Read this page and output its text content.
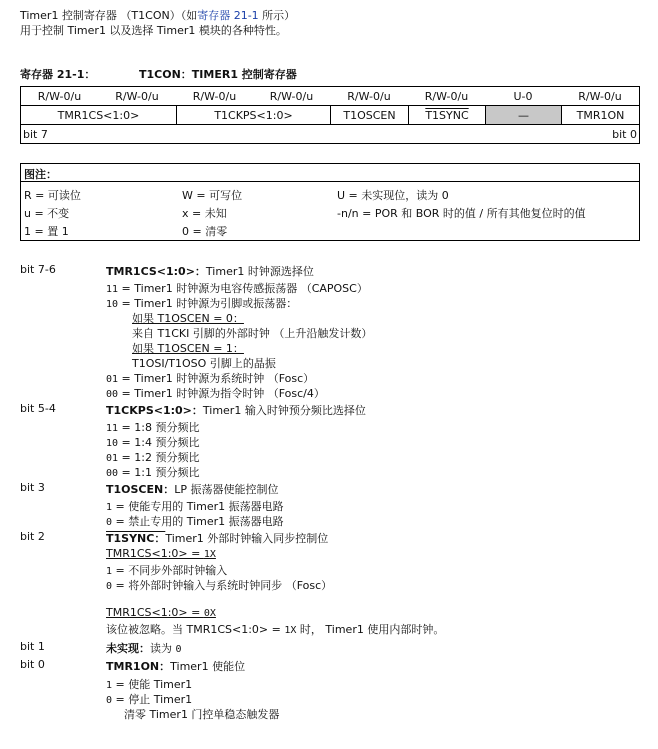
Timer1 控制寄存器 （T1CON）（如寄存器 21-1 所示）
用于控制 Timer1 以及选择 Timer1 模块的各种特性。
寄存器 21-1：	T1CON：TIMER1 控制寄存器
R/W-0/u	R/W-0/u	R/W-0/u	R/W-0/u	R/W-0/u	R/W-0/u	U-0	R/W-0/u
TMR1CS<1:0>	T1CKPS<1:0>	T1OSCEN	T1SYNC	—	TMR1ON
bit 7	bit 0
图注：
R = 可读位	W = 可写位	U = 未实现位，读为 0
u = 不变	x = 未知	-n/n = POR 和 BOR 时的值 / 所有其他复位时的值
1 = 置 1	0 = 清零
bit 7-6	TMR1CS<1:0>：Timer1 时钟源选择位
11 = Timer1 时钟源为电容传感振荡器 （CAPOSC）
10 = Timer1 时钟源为引脚或振荡器：
如果 T1OSCEN = 0：
来自 T1CKI 引脚的外部时钟 （上升沿触发计数）
如果 T1OSCEN = 1：
T1OSI/T1OSO 引脚上的晶振
01 = Timer1 时钟源为系统时钟 （Fosc）
00 = Timer1 时钟源为指令时钟 （Fosc/4）
bit 5-4	T1CKPS<1:0>：Timer1 输入时钟预分频比选择位
11 = 1:8 预分频比
10 = 1:4 预分频比
01 = 1:2 预分频比
00 = 1:1 预分频比
bit 3	T1OSCEN：LP 振荡器使能控制位
1 = 使能专用的 Timer1 振荡器电路
0 = 禁止专用的 Timer1 振荡器电路
bit 2	T1SYNC：Timer1 外部时钟输入同步控制位
TMR1CS<1:0> = 1X
1 = 不同步外部时钟输入
0 = 将外部时钟输入与系统时钟同步 （Fosc）
TMR1CS<1:0> = 0X
该位被忽略。当 TMR1CS<1:0> = 1X 时， Timer1 使用内部时钟。
bit 1	未实现：读为 0
bit 0	TMR1ON：Timer1 使能位
1 = 使能 Timer1
0 = 停止 Timer1
清零 Timer1 门控单稳态触发器
